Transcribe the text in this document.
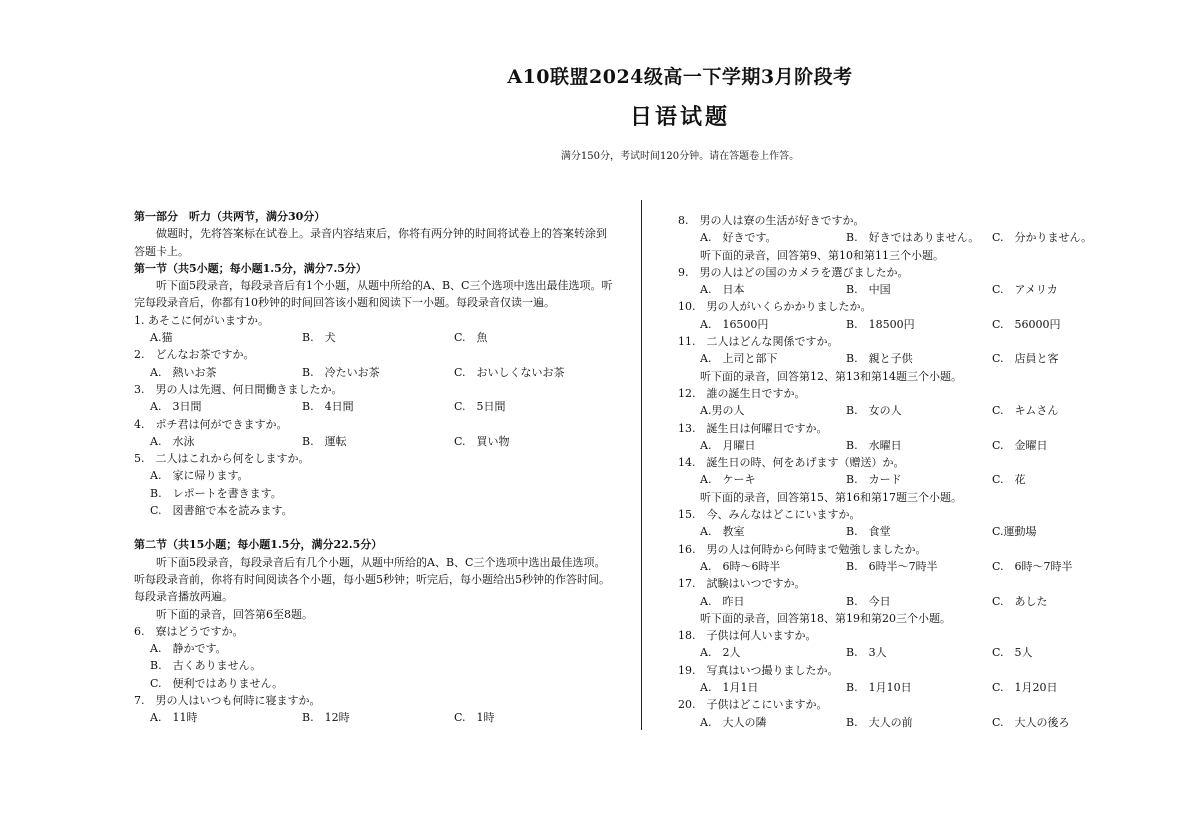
A10联盟2024级高一下学期3月阶段考
日语试题
满分150分，考试时间120分钟。请在答题卷上作答。
第一部分　听力（共两节，满分30分）
做题时，先将答案标在试卷上。录音内容结束后，你将有两分钟的时间将试卷上的答案转涂到答题卡上。
第一节（共5小题；每小题1.5分，满分7.5分）
听下面5段录音，每段录音后有1个小题，从题中所给的A、B、C三个选项中选出最佳选项。听完每段录音后，你都有10秒钟的时间回答该小题和阅读下一小题。每段录音仅读一遍。
1. あそこに何がいますか。
A.猫	B.　犬	C.　魚
2.　どんなお茶ですか。
A.　熱いお茶	B.　冷たいお茶	C.　おいしくないお茶
3.　男の人は先週、何日間働きましたか。
A.　3日間	B.　4日間	C.　5日間
4.　ポチ君は何ができますか。
A.　水泳	B.　運転	C.　買い物
5.　二人はこれから何をしますか。
A.　家に帰ります。
B.　レポートを書きます。
C.　図書館で本を読みます。
第二节（共15小题；每小题1.5分，满分22.5分）
听下面5段录音，每段录音后有几个小题，从题中所给的A、B、C三个选项中选出最佳选项。听每段录音前，你将有时间阅读各个小题，每小题5秒钟；听完后，每小题给出5秒钟的作答时间。每段录音播放两遍。
听下面的录音，回答第6至8题。
6.　寮はどうですか。
A.　静かです。
B.　古くありません。
C.　便利ではありません。
7.　男の人はいつも何時に寝ますか。
A.　11時	B.　12時	C.　1時
8.　男の人は寮の生活が好きですか。
A.　好きです。	B.　好きではありません。	C.　分かりません。
听下面的录音，回答第9、第10和第11三个小题。
9.　男の人はどの国のカメラを選びましたか。
A.　日本	B.　中国	C.　アメリカ
10.　男の人がいくらかかりましたか。
A.　16500円	B.　18500円	C.　56000円
11.　二人はどんな関係ですか。
A.　上司と部下	B.　親と子供	C.　店員と客
听下面的录音，回答第12、第13和第14题三个小题。
12.　誰の誕生日ですか。
A.男の人	B.　女の人	C.　キムさん
13.　誕生日は何曜日ですか。
A.　月曜日	B.　水曜日	C.　金曜日
14.　誕生日の時、何をあげます（赠送）か。
A.　ケーキ	B.　カード	C.　花
听下面的录音，回答第15、第16和第17题三个小题。
15.　今、みんなはどこにいますか。
A.　教室	B.　食堂	C.運動場
16.　男の人は何時から何時まで勉強しましたか。
A.　6時～6時半	B.　6時半～7時半	C.　6時～7時半
17.　試験はいつですか。
A.　昨日	B.　今日	C.　あした
听下面的录音，回答第18、第19和第20三个小题。
18.　子供は何人いますか。
A.　2人	B.　3人	C.　5人
19.　写真はいつ撮りましたか。
A.　1月1日	B.　1月10日	C.　1月20日
20.　子供はどこにいますか。
A.　大人の隣	B.　大人の前	C.　大人の後ろ
